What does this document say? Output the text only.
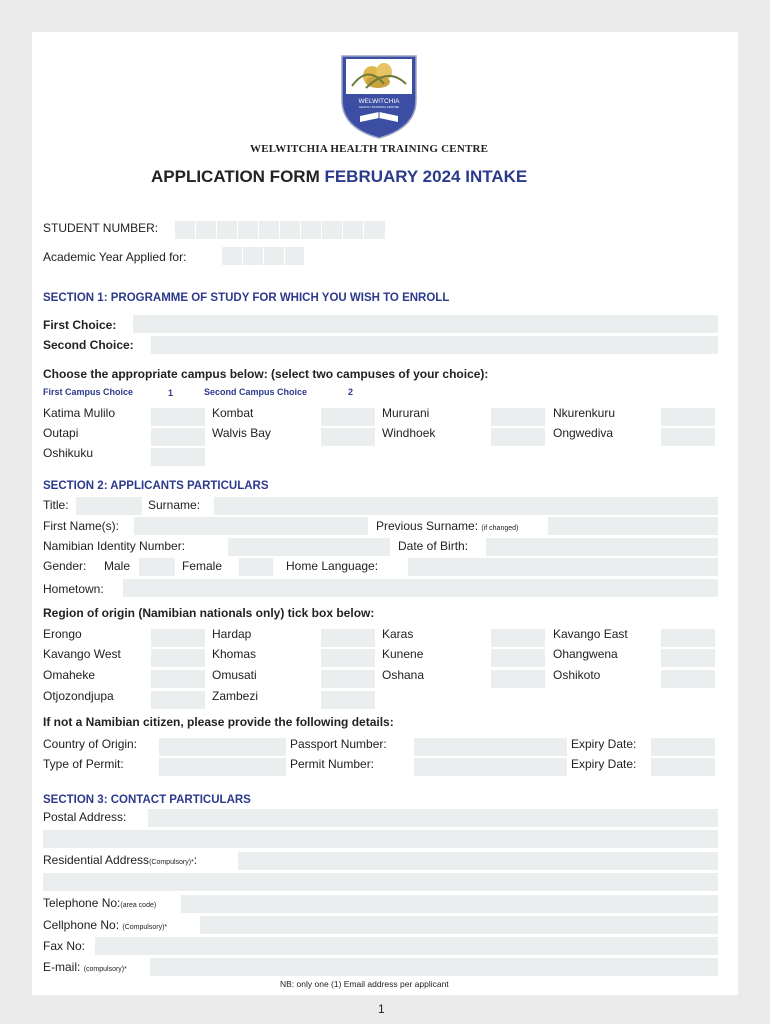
WELWITCHIA
HEALTH TRAINING CENTRE
WELWITCHIA HEALTH TRAINING CENTRE
APPLICATION FORM FEBRUARY 2024 INTAKE
STUDENT NUMBER:
Academic Year Applied for:
SECTION 1: PROGRAMME OF STUDY FOR WHICH YOU WISH TO ENROLL
First Choice:
Second Choice:
Choose the appropriate campus below: (select two campuses of your choice):
First Campus Choice	1	Second Campus Choice	2
Katima Mulilo	Kombat	Mururani	Nkurenkuru
Outapi	Walvis Bay	Windhoek	Ongwediva
Oshikuku
SECTION 2: APPLICANTS PARTICULARS
Title:	Surname:
First Name(s):	Previous Surname: (if changed)
Namibian Identity Number:	Date of Birth:
Gender: Male	Female	Home Language:
Hometown:
Region of origin (Namibian nationals only) tick box below:
Erongo	Hardap	Karas	Kavango East
Kavango West	Khomas	Kunene	Ohangwena
Omaheke	Omusati	Oshana	Oshikoto
Otjozondjupa	Zambezi
If not a Namibian citizen, please provide the following details:
Country of Origin:	Passport Number:	Expiry Date:
Type of Permit:	Permit Number:	Expiry Date:
SECTION 3: CONTACT PARTICULARS
Postal Address:
Residential Address(Compulsory)*:
Telephone No:(area code)
Cellphone No: (Compulsory)*
Fax No:
E-mail: (compulsory)*
NB: only one (1) Email address per applicant
1
